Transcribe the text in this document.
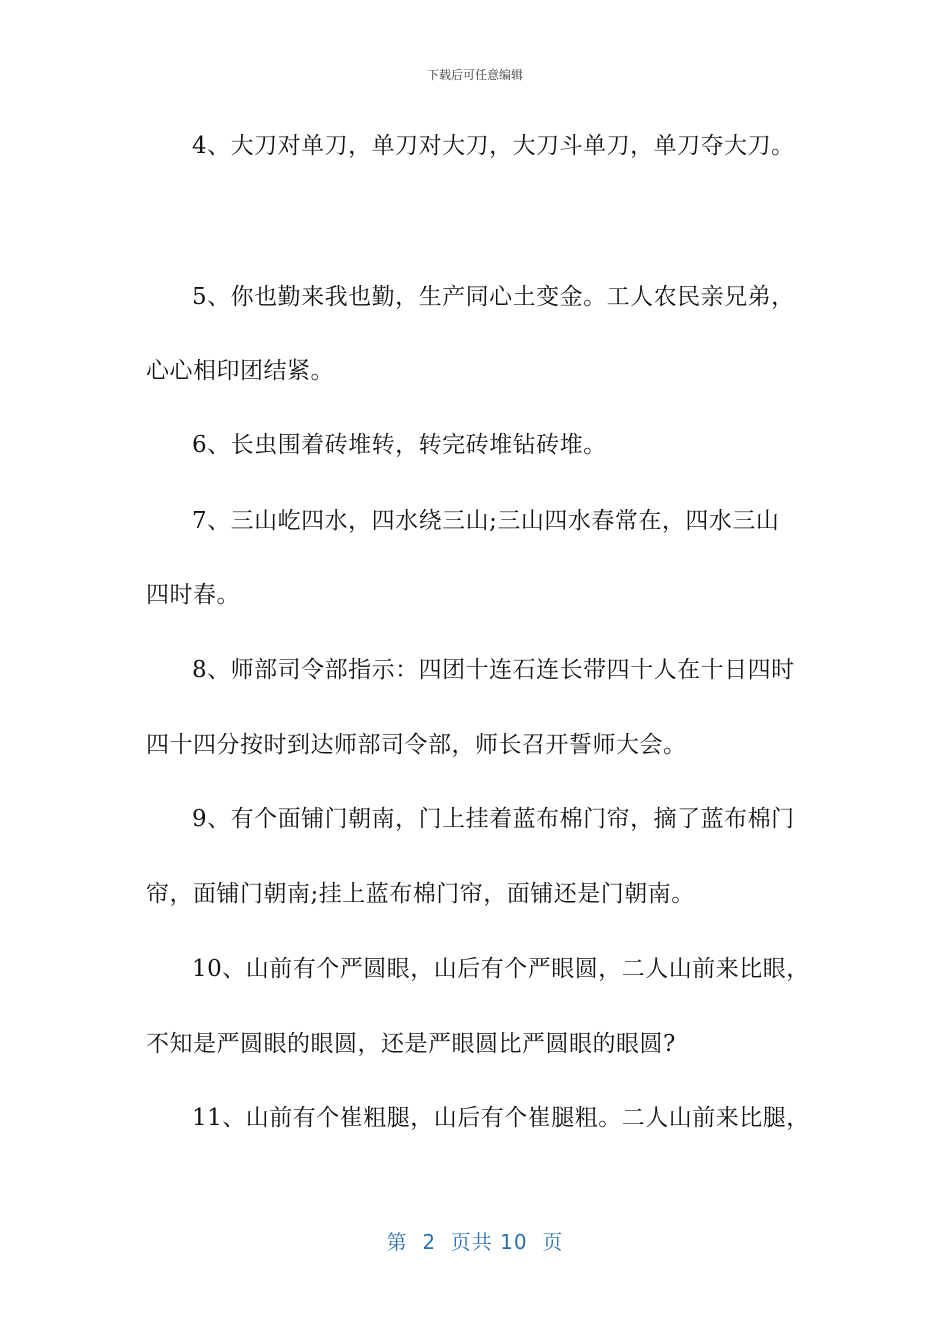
下载后可任意编辑
4、大刀对单刀，单刀对大刀，大刀斗单刀，单刀夺大刀。
5、你也勤来我也勤，生产同心土变金。工人农民亲兄弟，
心心相印团结紧。
6、长虫围着砖堆转，转完砖堆钻砖堆。
7、三山屹四水，四水绕三山;三山四水春常在，四水三山
四时春。
8、师部司令部指示：四团十连石连长带四十人在十日四时
四十四分按时到达师部司令部，师长召开誓师大会。
9、有个面铺门朝南，门上挂着蓝布棉门帘，摘了蓝布棉门
帘，面铺门朝南;挂上蓝布棉门帘，面铺还是门朝南。
10、山前有个严圆眼，山后有个严眼圆，二人山前来比眼，
不知是严圆眼的眼圆，还是严眼圆比严圆眼的眼圆?
11、山前有个崔粗腿，山后有个崔腿粗。二人山前来比腿，
第  2  页共 10  页
